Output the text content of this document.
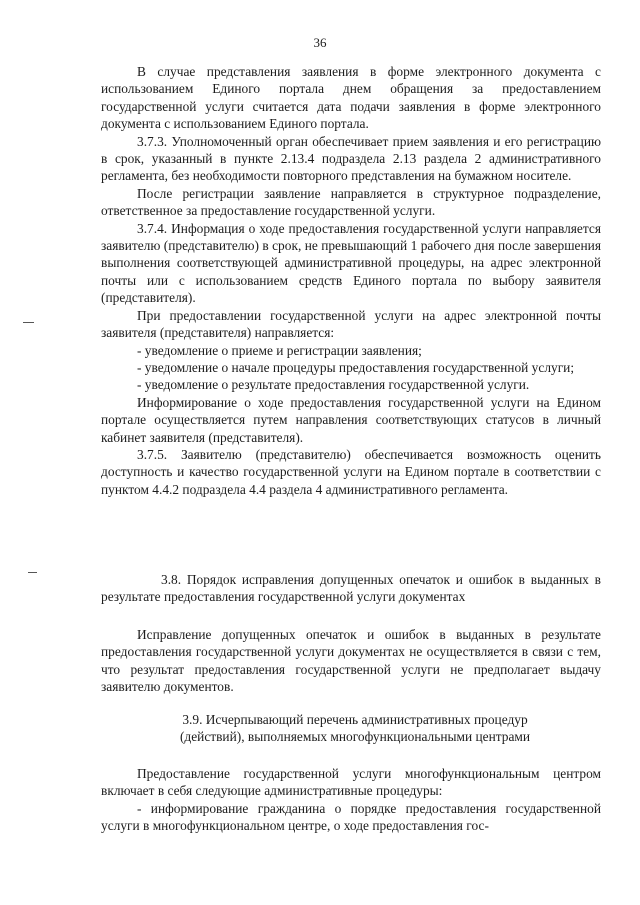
36
В случае представления заявления в форме электронного документа с использованием Единого портала днем обращения за предоставлением государственной услуги считается дата подачи заявления в форме электронного документа с использованием Единого портала.
3.7.3. Уполномоченный орган обеспечивает прием заявления и его регистрацию в срок, указанный в пункте 2.13.4 подраздела 2.13 раздела 2 административного регламента, без необходимости повторного представления на бумажном носителе.
После регистрации заявление направляется в структурное подразделение, ответственное за предоставление государственной услуги.
3.7.4. Информация о ходе предоставления государственной услуги направляется заявителю (представителю) в срок, не превышающий 1 рабочего дня после завершения выполнения соответствующей административной процедуры, на адрес электронной почты или с использованием средств Единого портала по выбору заявителя (представителя).
При предоставлении государственной услуги на адрес электронной почты заявителя (представителя) направляется:
- уведомление о приеме и регистрации заявления;
- уведомление о начале процедуры предоставления государственной услуги;
- уведомление о результате предоставления государственной услуги.
Информирование о ходе предоставления государственной услуги на Едином портале осуществляется путем направления соответствующих статусов в личный кабинет заявителя (представителя).
3.7.5. Заявителю (представителю) обеспечивается возможность оценить доступность и качество государственной услуги на Едином портале в соответствии с пунктом 4.4.2 подраздела 4.4 раздела 4 административного регламента.
3.8. Порядок исправления допущенных опечаток и ошибок в выданных в результате предоставления государственной услуги документах
Исправление допущенных опечаток и ошибок в выданных в результате предоставления государственной услуги документах не осуществляется в связи с тем, что результат предоставления государственной услуги не предполагает выдачу заявителю документов.
3.9. Исчерпывающий перечень административных процедур (действий), выполняемых многофункциональными центрами
Предоставление государственной услуги многофункциональным центром включает в себя следующие административные процедуры:
- информирование гражданина о порядке предоставления государственной услуги в многофункциональном центре, о ходе предоставления гос-
